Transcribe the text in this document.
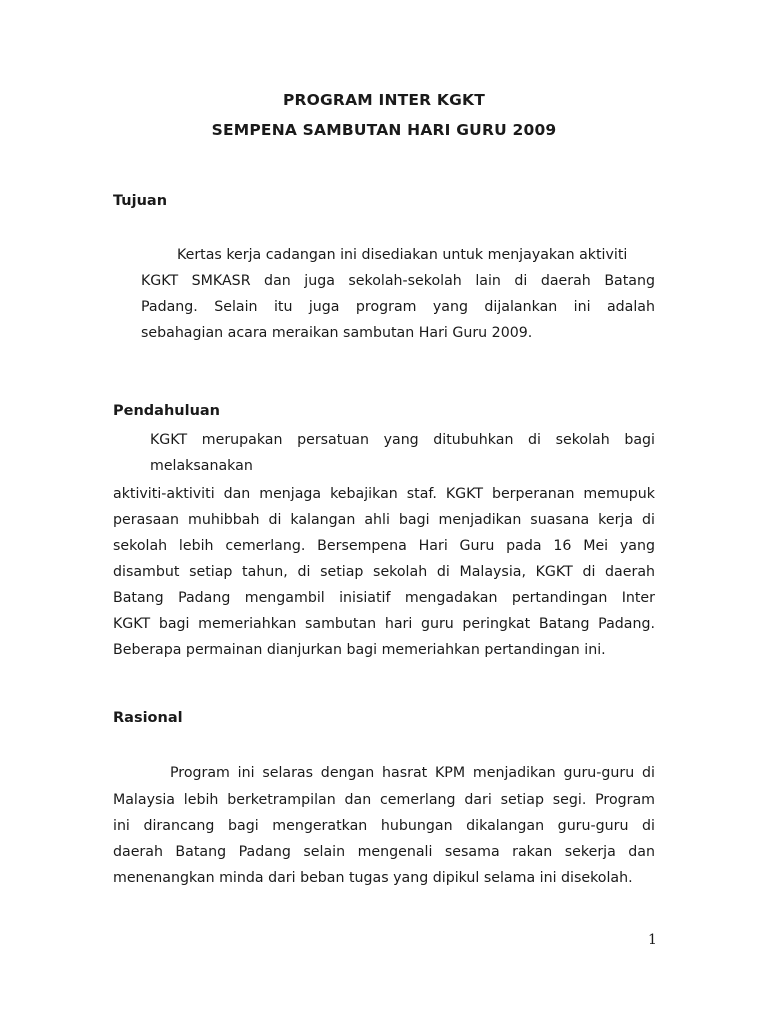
PROGRAM INTER KGKT
SEMPENA SAMBUTAN HARI GURU 2009
Tujuan
Kertas kerja cadangan ini disediakan untuk menjayakan aktiviti
KGKT SMKASR dan juga sekolah-sekolah lain di daerah Batang
Padang. Selain itu juga program yang dijalankan ini adalah
sebahagian acara meraikan sambutan Hari Guru 2009.
Pendahuluan
KGKT merupakan persatuan yang ditubuhkan di sekolah bagi
melaksanakan
aktiviti-aktiviti dan menjaga kebajikan staf. KGKT berperanan memupuk
perasaan muhibbah di kalangan ahli bagi menjadikan suasana kerja di
sekolah lebih cemerlang. Bersempena Hari Guru pada 16 Mei yang
disambut setiap tahun, di setiap sekolah di Malaysia, KGKT di daerah
Batang Padang mengambil inisiatif mengadakan pertandingan Inter
KGKT bagi memeriahkan sambutan hari guru peringkat Batang Padang.
Beberapa permainan dianjurkan bagi memeriahkan pertandingan ini.
Rasional
Program ini selaras dengan hasrat KPM menjadikan guru-guru di
Malaysia lebih berketrampilan dan cemerlang dari setiap segi. Program
ini dirancang bagi mengeratkan hubungan dikalangan guru-guru di
daerah Batang Padang selain mengenali sesama rakan sekerja dan
menenangkan minda dari beban tugas yang dipikul selama ini disekolah.
1
